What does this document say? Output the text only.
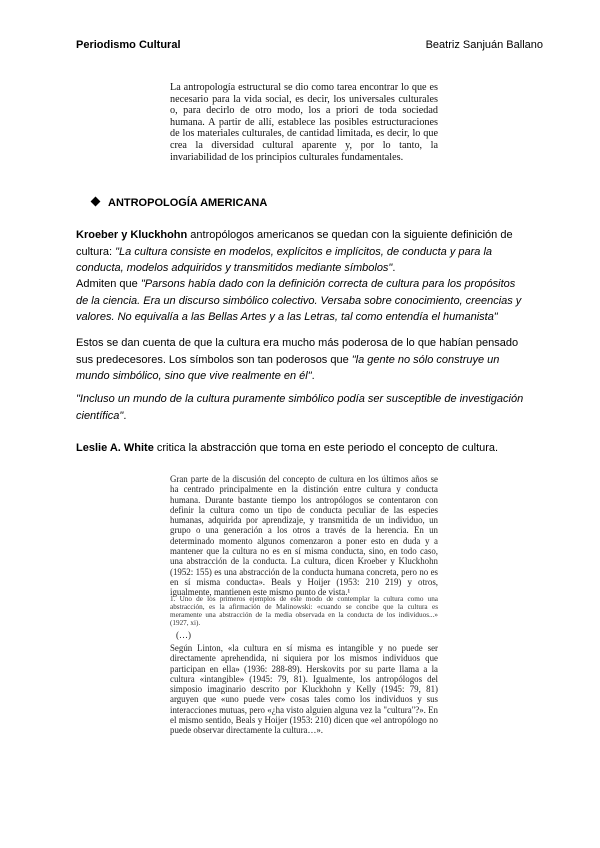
Periodismo Cultural	Beatriz Sanjuán Ballano
La antropología estructural se dio como tarea encontrar lo que es necesario para la vida social, es decir, los universales culturales o, para decirlo de otro modo, los a priori de toda sociedad humana. A partir de allí, establece las posibles estructuraciones de los materiales culturales, de cantidad limitada, es decir, lo que crea la diversidad cultural aparente y, por lo tanto, la invariabilidad de los principios culturales fundamentales.
ANTROPOLOGÍA AMERICANA
Kroeber y Kluckhohn antropólogos americanos se quedan con la siguiente definición de cultura: "La cultura consiste en modelos, explícitos e implícitos, de conducta y para la conducta, modelos adquiridos y transmitidos mediante símbolos".
Admiten que "Parsons había dado con la definición correcta de cultura para los propósitos de la ciencia. Era un discurso simbólico colectivo. Versaba sobre conocimiento, creencias y valores. No equivalía a las Bellas Artes y a las Letras, tal como entendía el humanista"
Estos se dan cuenta de que la cultura era mucho más poderosa de lo que habían pensado sus predecesores. Los símbolos son tan poderosos que "la gente no sólo construye un mundo simbólico, sino que vive realmente en él".
"Incluso un mundo de la cultura puramente simbólico podía ser susceptible de investigación científica".
Leslie A. White critica la abstracción que toma en este periodo el concepto de cultura.
Gran parte de la discusión del concepto de cultura en los últimos años se ha centrado principalmente en la distinción entre cultura y conducta humana. Durante bastante tiempo los antropólogos se contentaron con definir la cultura como un tipo de conducta peculiar de las especies humanas, adquirida por aprendizaje, y transmitida de un individuo, un grupo o una generación a los otros a través de la herencia. En un determinado momento algunos comenzaron a poner esto en duda y a mantener que la cultura no es en sí misma conducta, sino, en todo caso, una abstracción de la conducta. La cultura, dicen Kroeber y Kluckhohn (1952: 155) es una abstracción de la conducta humana concreta, pero no es en sí misma conducta». Beals y Hoijer (1953: 210 219) y otros, igualmente, mantienen este mismo punto de vista.¹
1. Uno de los primeros ejemplos de este modo de contemplar la cultura como una abstracción, es la afirmación de Malinowski: «cuando se concibe que la cultura es meramente una abstracción de la media observada en la conducta de los individuos...» (1927, xi).
(…)
Según Linton, «la cultura en sí misma es intangible y no puede ser directamente aprehendida, ni siquiera por los mismos individuos que participan en ella» (1936: 288-89). Herskovits por su parte llama a la cultura «intangible» (1945: 79, 81). Igualmente, los antropólogos del simposio imaginario descrito por Kluckhohn y Kelly (1945: 79, 81) arguyen que «uno puede ver» cosas tales como los individuos y sus interacciones mutuas, pero «¿ha visto alguien alguna vez la "cultura"?». En el mismo sentido, Beals y Hoijer (1953: 210) dicen que «el antropólogo no puede observar directamente la cultura…».
